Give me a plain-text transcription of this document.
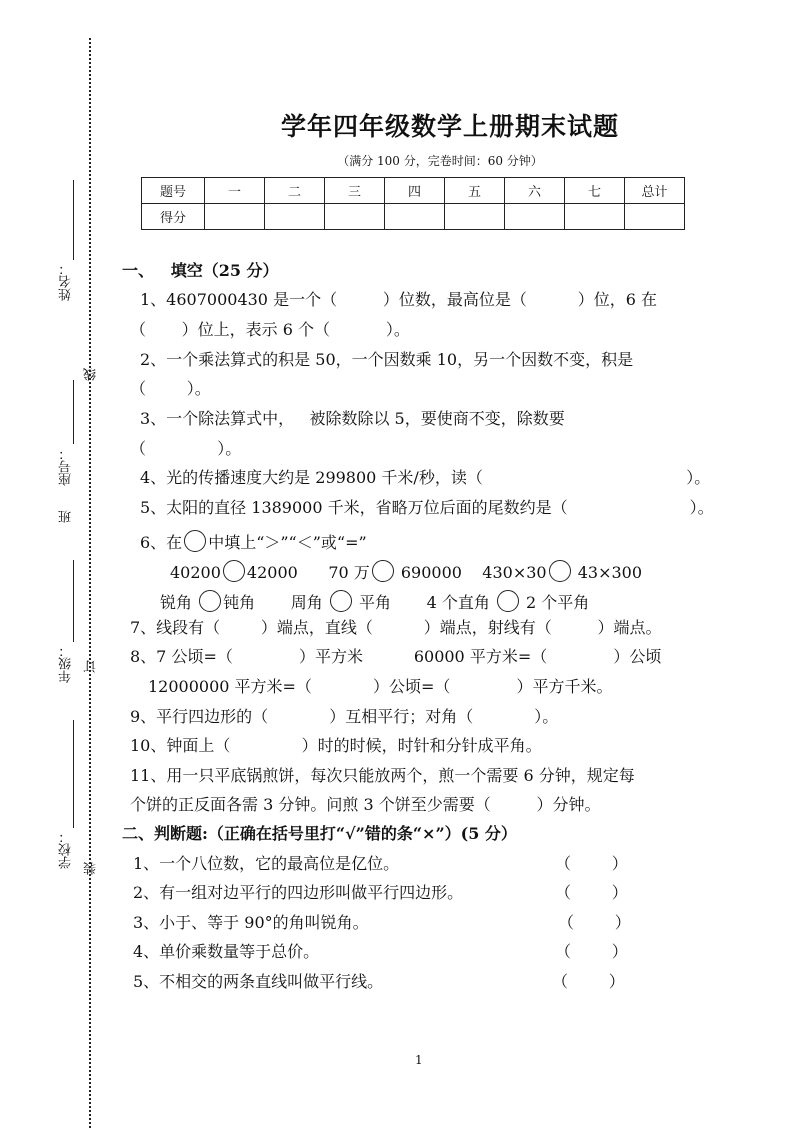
姓名：
线
座号：
班
年级： 订
学校： 装
学年四年级数学上册期末试题
（满分 100 分，完卷时间：60 分钟）
题号	一	二	三	四	五	六	七	总计
得分								
一、   填空（25 分）
1、4607000430 是一个（         ）位数，最高位是（          ）位，6 在
（       ）位上，表示 6 个（           ）。
2、一个乘法算式的积是 50，一个因数乘 10，另一个因数不变，积是
（        ）。
3、一个除法算式中，   被除数除以 5，要使商不变，除数要
（              ）。
4、光的传播速度大约是 299800 千米/秒，读（                                        ）。
5、太阳的直径 1389000 千米，省略万位后面的尾数约是（                        ）。
6、在 中填上“＞”“＜”或“=”
40200 42000 70 万 690000 430×30 43×300
锐角 钝角 周角 平角 4 个直角 2 个平角
7、线段有（        ）端点，直线（          ）端点，射线有（         ）端点。
8、7 公顷=（             ）平方米          60000 平方米=（             ）公顷
12000000 平方米=（            ）公顷=（             ）平方千米。
9、平行四边形的（            ）互相平行；对角（            ）。
10、钟面上（              ）时的时候，时针和分针成平角。
11、用一只平底锅煎饼，每次只能放两个，煎一个需要 6 分钟，规定每
个饼的正反面各需 3 分钟。问煎 3 个饼至少需要（         ）分钟。
二、判断题:（正确在括号里打“√”错的条“×”）(5 分）
1、一个八位数，它的最高位是亿位。	（        ）
2、有一组对边平行的四边形叫做平行四边形。	（        ）
3、小于、等于 90°的角叫锐角。	（        ）
4、单价乘数量等于总价。	（        ）
5、不相交的两条直线叫做平行线。	（        ）
1
